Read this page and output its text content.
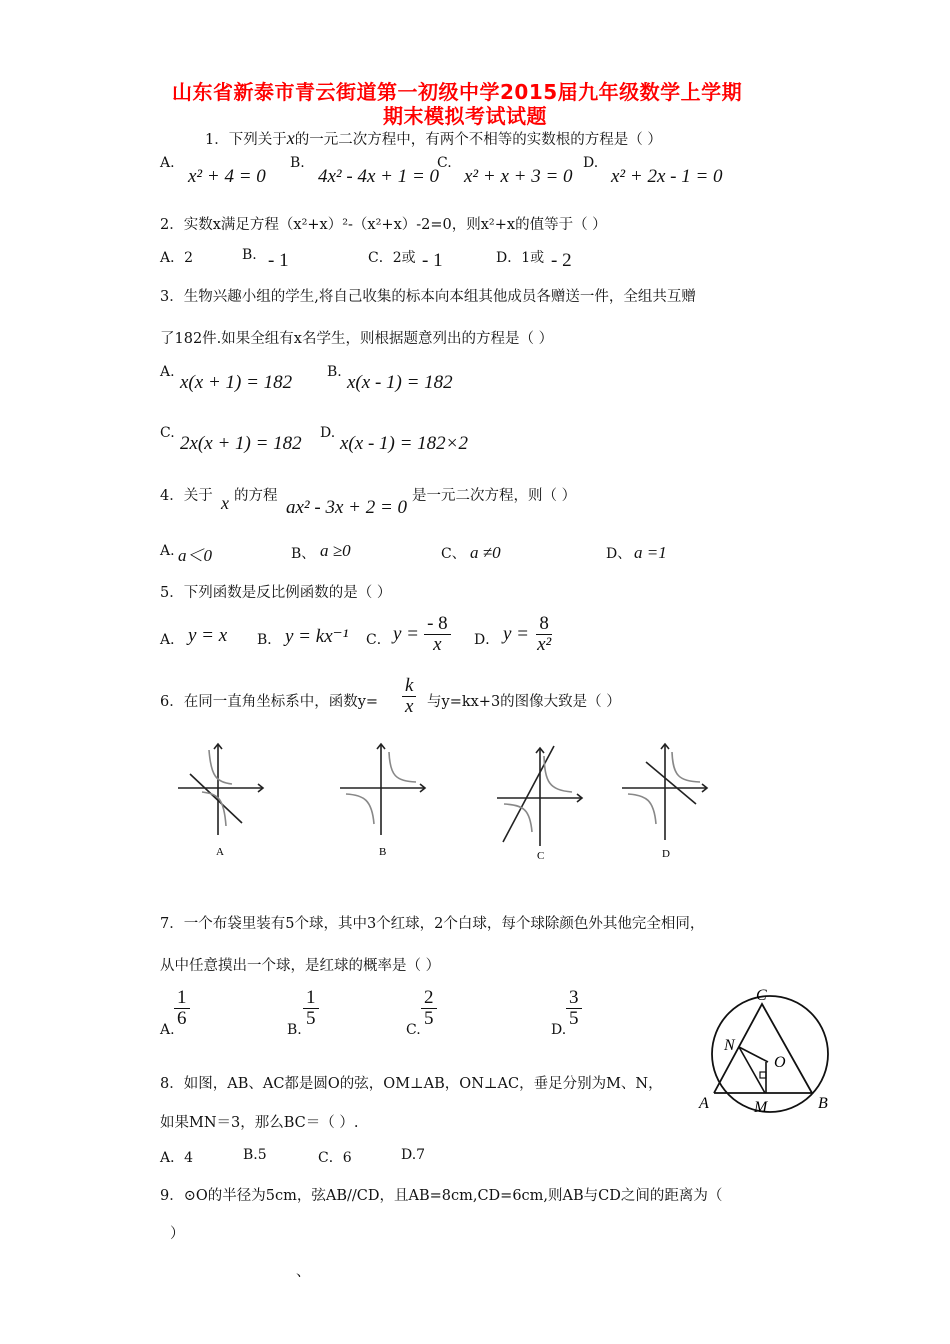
山东省新泰市青云街道第一初级中学2015届九年级数学上学期
期末模拟考试试题
1．下列关于x的一元二次方程中，有两个不相等的实数根的方程是（ ）
A.
x² + 4 = 0
B.
4x² - 4x + 1 = 0
C.
x² + x + 3 = 0
D.
x² + 2x - 1 = 0
2．实数x满足方程（x²+x）²-（x²+x）-2=0，则x²+x的值等于（ ）
A．2	B. - 1	C．2或 - 1	D．1或 - 2
3．生物兴趣小组的学生,将自己收集的标本向本组其他成员各赠送一件，全组共互赠
了182件.如果全组有x名学生，则根据题意列出的方程是（ ）
A. x(x + 1) = 182 B. x(x - 1) = 182
C. 2x(x + 1) = 182 D. x(x - 1) = 182×2
4．关于 x 的方程
ax² - 3x + 2 = 0
是一元二次方程，则（ ）
A. a＜0	B、 a ≥0	C、 a ≠0	D、 a =1
5．下列函数是反比例函数的是（ ）
A． y = x B． y = kx⁻¹ C． $y = \frac{- 8}{x}$ D． $y = \frac{8}{\text{x²}}$
6．在同一直角坐标系中，函数$y= \frac{k}{x}$ 与y=kx+3的图像大致是（ ）
A	B	C	D
7．一个布袋里装有5个球，其中3个红球，2个白球，每个球除颜色外其他完全相同，
从中任意摸出一个球，是红球的概率是（ ）
A.
$\frac{1}{6}$
B.
$\frac{1}{5}$
C.
$\frac{2}{5}$
D.
$\frac{3}{5}$	C
N
O
A	M	B
8．如图，AB、AC都是圆O的弦，OM⊥AB，ON⊥AC，垂足分别为M、N，
如果MN＝3，那么BC＝（ ）.
A．4	B.5	C．6	D.7
9．⊙O的半径为5cm，弦AB//CD，且AB=8cm,CD=6cm,则AB与CD之间的距离为（
）
、
